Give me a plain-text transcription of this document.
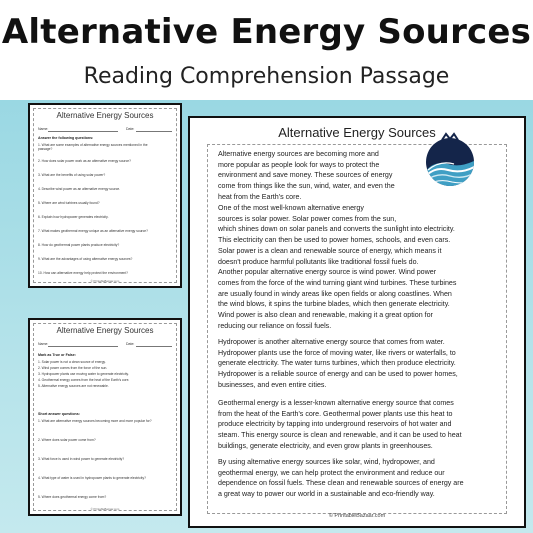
Alternative Energy Sources
Reading Comprehension Passage
Alternative Energy Sources
Name:	Date:
Answer the following questions:
1. What are some examples of alternative energy sources mentioned in the
passage?
2. How does solar power work as an alternative energy source?
3. What are the benefits of using solar power?
4. Describe wind power as an alternative energy source.
5. Where are wind turbines usually found?
6. Explain how hydropower generates electricity.
7. What makes geothermal energy unique as an alternative energy source?
8. How do geothermal power plants produce electricity?
9. What are the advantages of using alternative energy sources?
10. How can alternative energy help protect the environment?
© PrintableBazaar.com
Alternative Energy Sources
Name:	Date:
Mark as True or False:
1. Solar power is not a clean source of energy.
2. Wind power comes from the force of the sun.
3. Hydropower plants use moving water to generate electricity.
4. Geothermal energy comes from the heat of the Earth's core.
5. Alternative energy sources are not renewable.
Short answer questions:
1. What are alternative energy sources becoming more and more popular for?
2. Where does solar power come from?
3. What force is used in wind power to generate electricity?
4. What type of water is used in hydropower plants to generate electricity?
5. Where does geothermal energy come from?
© PrintableBazaar.com
Alternative Energy Sources
Alternative energy sources are becoming more and
more popular as people look for ways to protect the
environment and save money. These sources of energy
come from things like the sun, wind, water, and even the
heat from the Earth's core.
One of the most well-known alternative energy
sources is solar power. Solar power comes from the sun,
which shines down on solar panels and converts the sunlight into electricity.
This electricity can then be used to power homes, schools, and even cars.
Solar power is a clean and renewable source of energy, which means it
doesn't produce harmful pollutants like traditional fossil fuels do.
Another popular alternative energy source is wind power. Wind power
comes from the force of the wind turning giant wind turbines. These turbines
are usually found in windy areas like open fields or along coastlines. When
the wind blows, it spins the turbine blades, which then generate electricity.
Wind power is also clean and renewable, making it a great option for
reducing our reliance on fossil fuels.
Hydropower is another alternative energy source that comes from water.
Hydropower plants use the force of moving water, like rivers or waterfalls, to
generate electricity. The water turns turbines, which then produce electricity.
Hydropower is a reliable source of energy and can be used to power homes,
businesses, and even entire cities.
Geothermal energy is a lesser-known alternative energy source that comes
from the heat of the Earth's core. Geothermal power plants use this heat to
produce electricity by tapping into underground reservoirs of hot water and
steam. This energy source is clean and renewable, and it can be used to heat
buildings, generate electricity, and even grow plants in greenhouses.
By using alternative energy sources like solar, wind, hydropower, and
geothermal energy, we can help protect the environment and reduce our
dependence on fossil fuels. These clean and renewable sources of energy are
a great way to power our world in a sustainable and eco-friendly way.
© PrintableBazaar.com
